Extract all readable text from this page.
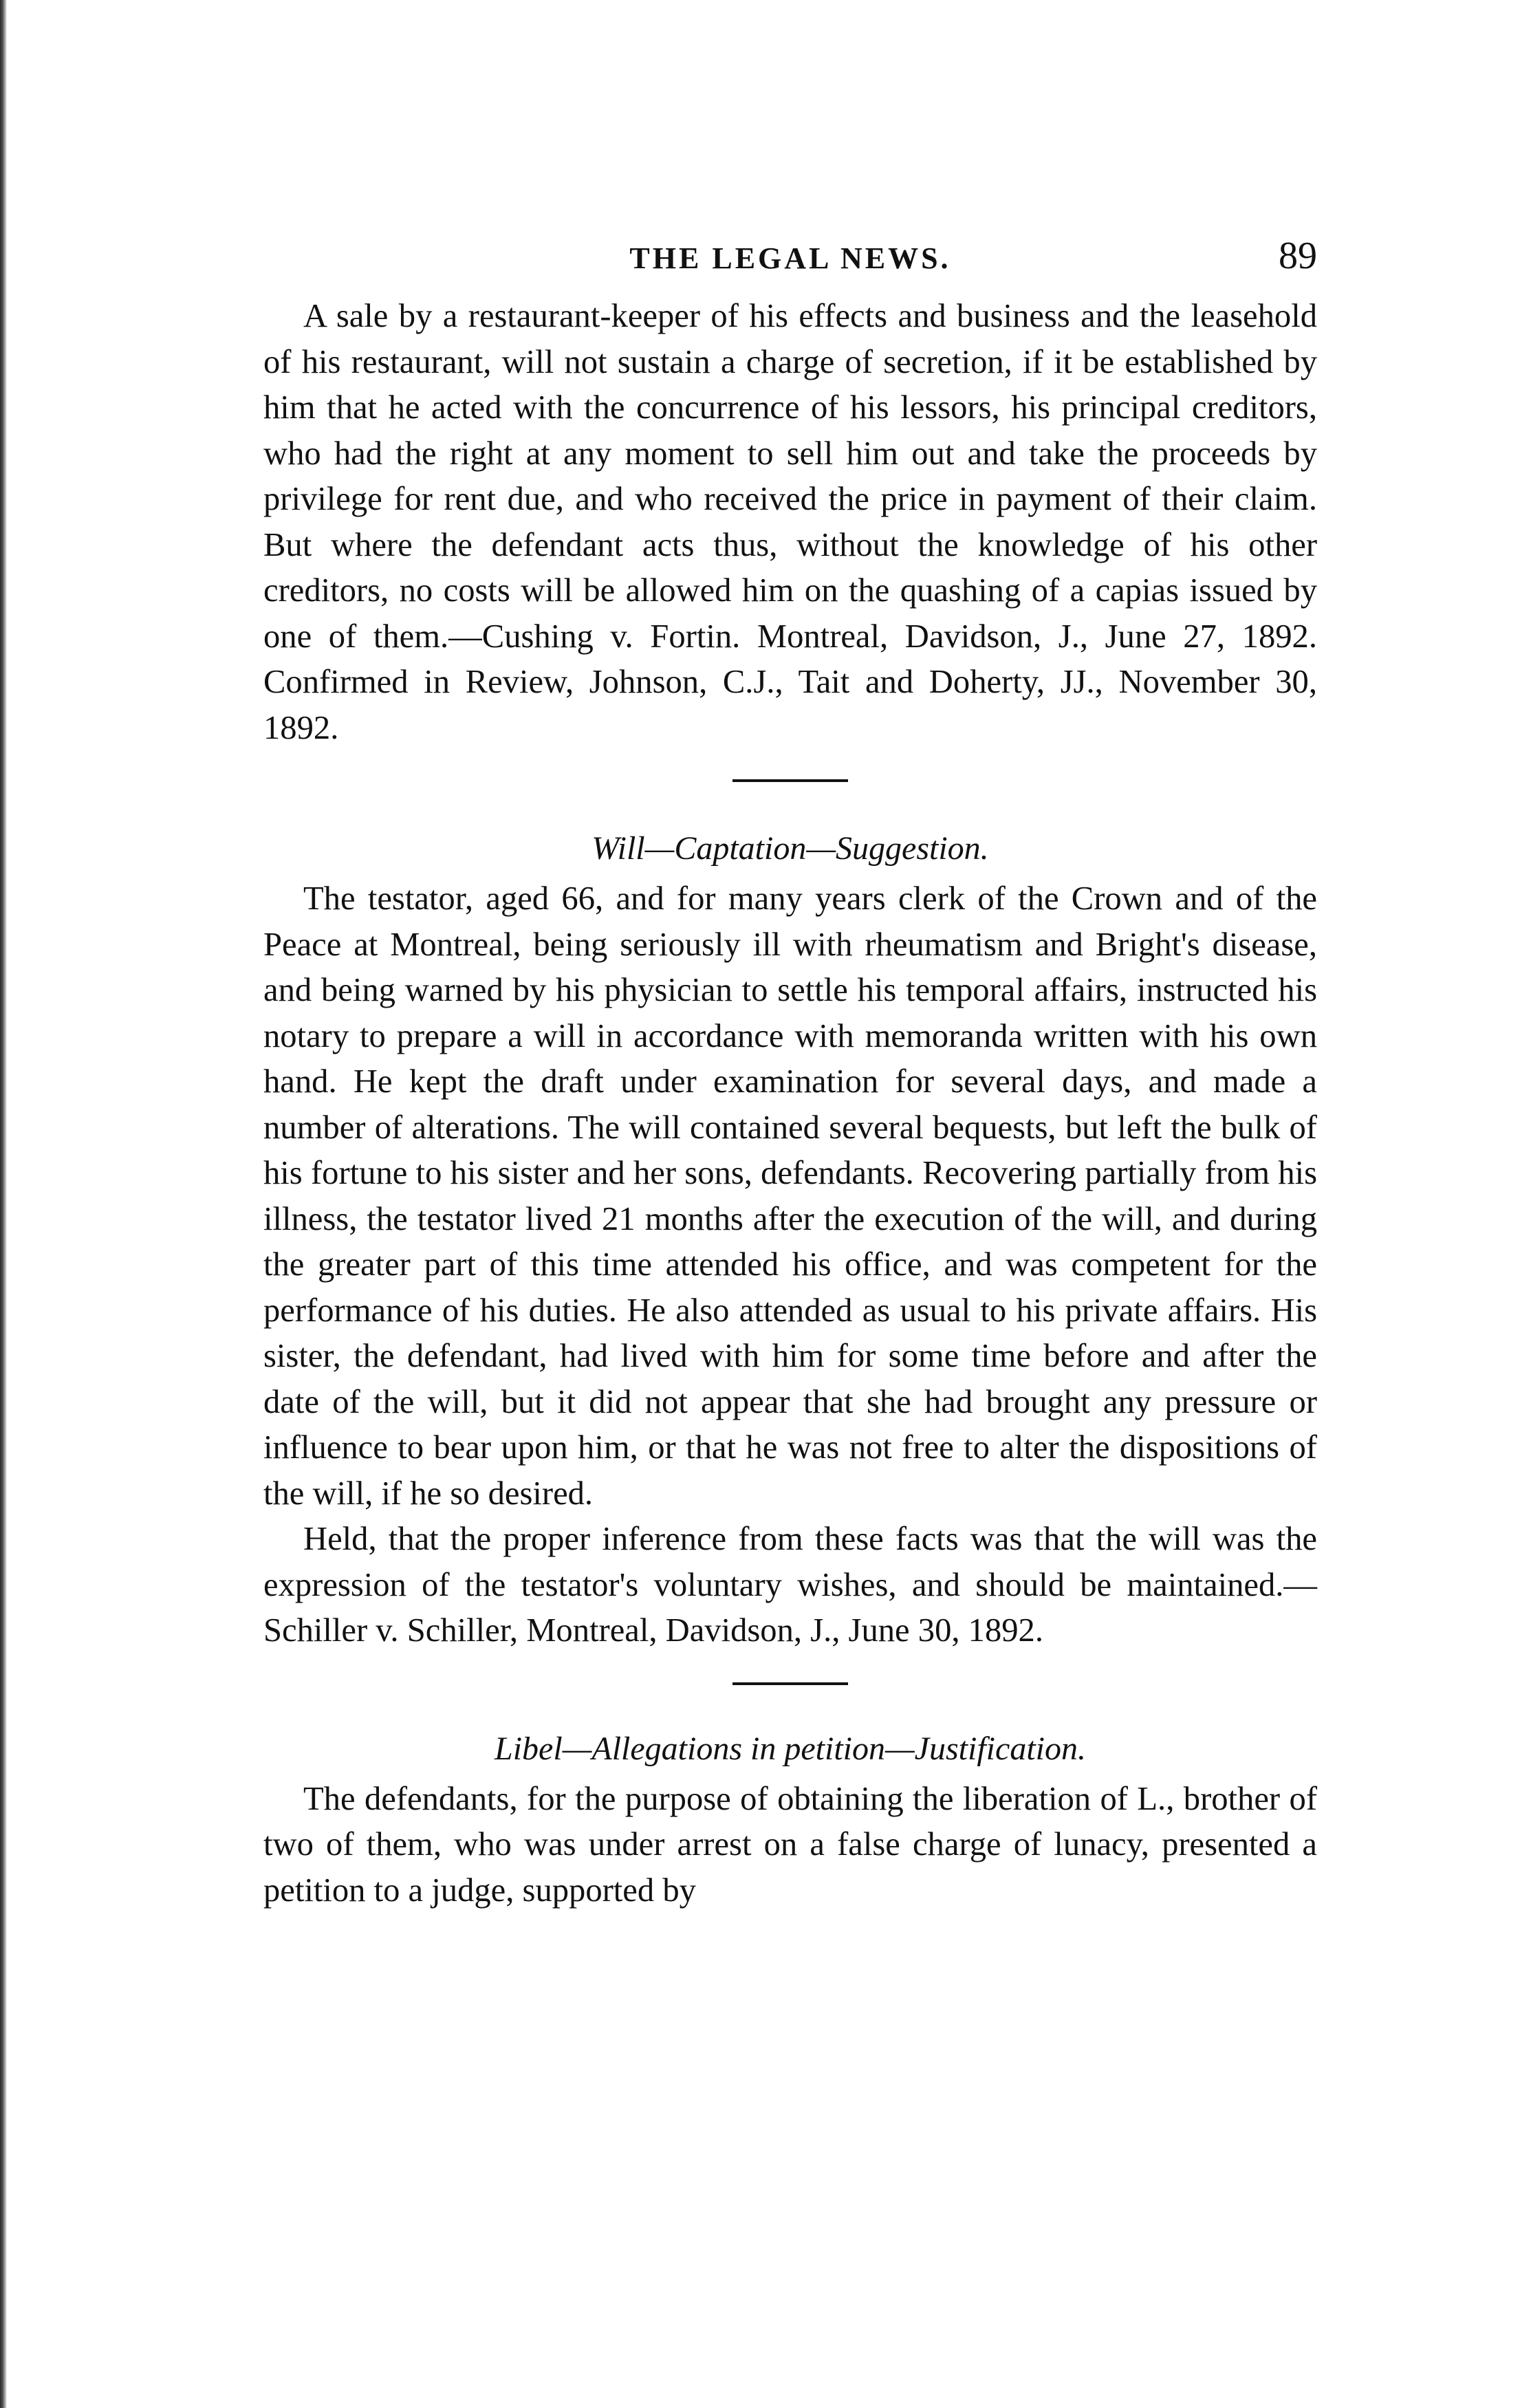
THE LEGAL NEWS.	89

A sale by a restaurant-keeper of his effects and business and the leasehold of his restaurant, will not sustain a charge of secretion, if it be established by him that he acted with the concurrence of his lessors, his principal creditors, who had the right at any moment to sell him out and take the proceeds by privilege for rent due, and who received the price in payment of their claim. But where the defendant acts thus, without the knowledge of his other creditors, no costs will be allowed him on the quashing of a capias issued by one of them.—Cushing v. Fortin. Montreal, Davidson, J., June 27, 1892. Confirmed in Review, Johnson, C.J., Tait and Doherty, JJ., November 30, 1892.

Will—Captation—Suggestion.

The testator, aged 66, and for many years clerk of the Crown and of the Peace at Montreal, being seriously ill with rheumatism and Bright's disease, and being warned by his physician to settle his temporal affairs, instructed his notary to prepare a will in accordance with memoranda written with his own hand. He kept the draft under examination for several days, and made a number of alterations. The will contained several bequests, but left the bulk of his fortune to his sister and her sons, defendants. Recovering partially from his illness, the testator lived 21 months after the execution of the will, and during the greater part of this time attended his office, and was competent for the performance of his duties. He also attended as usual to his private affairs. His sister, the defendant, had lived with him for some time before and after the date of the will, but it did not appear that she had brought any pressure or influence to bear upon him, or that he was not free to alter the dispositions of the will, if he so desired.

Held, that the proper inference from these facts was that the will was the expression of the testator's voluntary wishes, and should be maintained.—Schiller v. Schiller, Montreal, Davidson, J., June 30, 1892.

Libel—Allegations in petition—Justification.

The defendants, for the purpose of obtaining the liberation of L., brother of two of them, who was under arrest on a false charge of lunacy, presented a petition to a judge, supported by
